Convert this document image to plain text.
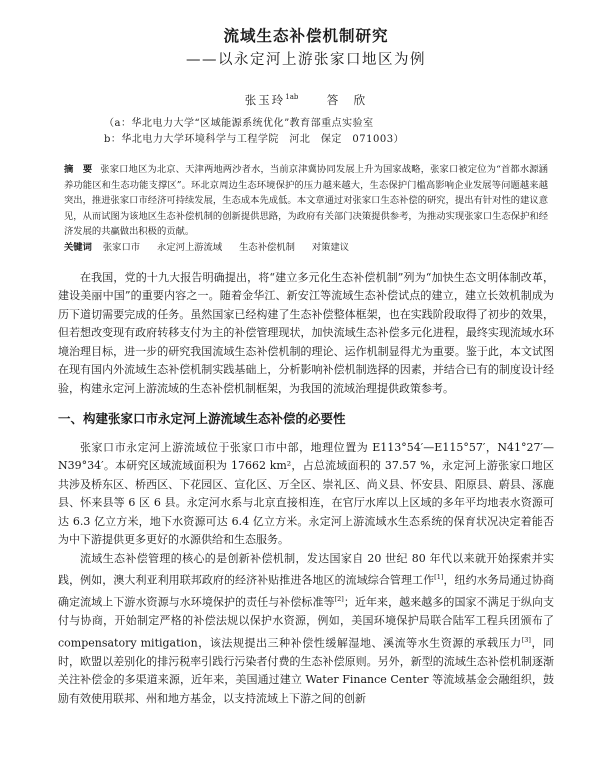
流域生态补偿机制研究
——以永定河上游张家口地区为例
张玉玲$^{1ab}$ 答　欣
（a：华北电力大学“区域能源系统优化”教育部重点实验室
b：华北电力大学环境科学与工程学院　河北　保定　071003）
摘　要 张家口地区为北京、天津两地两沙者水，当前京津冀协同发展上升为国家战略，张家口被定位为“首都水源涵养功能区和生态功能支撑区”。环北京周边生态环境保护的压力越来越大，生态保护门槛高影响企业发展等问题越来越突出，推进张家口市经济可持续发展，生态成本先成低。本文章通过对张家口生态补偿的研究，提出有针对性的建议意见，从而试图为该地区生态补偿机制的创新提供思路，为政府有关部门决策提供参考，为推动实现张家口生态保护和经济发展的共赢做出积极的贡献。
关键词 张家口市 永定河上游流域 生态补偿机制 对策建议

在我国，党的十九大报告明确提出，将“建立多元化生态补偿机制”列为“加快生态文明体制改革，建设美丽中国”的重要内容之一。随着金华江、新安江等流域生态补偿试点的建立，建立长效机制成为历下道切需要完成的任务。虽然国家已经构建了生态补偿整体框架，也在实践阶段取得了初步的效果，但若想改变现有政府转移支付为主的补偿管理现状，加快流域生态补偿多元化进程，最终实现流域水环境治理目标，进一步的研究我国流域生态补偿机制的理论、运作机制显得尤为重要。鉴于此，本文试图在现有国内外流域生态补偿机制实践基础上，分析影响补偿机制选择的因素，并结合已有的制度设计经验，构建永定河上游流域的生态补偿机制框架，为我国的流域治理提供政策参考。

一、构建张家口市永定河上游流域生态补偿的必要性

张家口市永定河上游流域位于张家口市中部，地理位置为 E113°54′—E115°57′，N41°27′—N39°34′。本研究区域流域面积为 17662 km²，占总流域面积的 37.57 %，永定河上游张家口地区共涉及桥东区、桥西区、下花园区、宣化区、万全区、崇礼区、尚义县、怀安县、阳原县、蔚县、涿鹿县、怀来县等 6 区 6 县。永定河水系与北京直接相连，在官厅水库以上区域的多年平均地表水资源可达 6.3 亿立方米，地下水资源可达 6.4 亿立方米。永定河上游流域水生态系统的保育状况决定着能否为中下游提供更多更好的水源供给和生态服务。

流域生态补偿管理的核心的是创新补偿机制，发达国家自 20 世纪 80 年代以来就开始探索并实践，例如，澳大利亚利用联邦政府的经济补贴推进各地区的流域综合管理工作[1]，纽约水务局通过协商确定流域上下游水资源与水环境保护的责任与补偿标准等[2]；近年来，越来越多的国家不满足于纵向支付与协商，开始制定严格的补偿法规以保护水资源，例如，美国环境保护局联合陆军工程兵团颁布了 compensatory mitigation，该法规提出三种补偿性缓解湿地、溪流等水生资源的承载压力[3]，同时，欧盟以差别化的排污税率引践行污染者付费的生态补偿原则。另外，新型的流域生态补偿机制逐渐关注补偿金的多渠道来源，近年来，美国通过建立 Water Finance Center 等流域基金会融组织，鼓励有效使用联邦、州和地方基金，以支持流域上下游之间的创新
